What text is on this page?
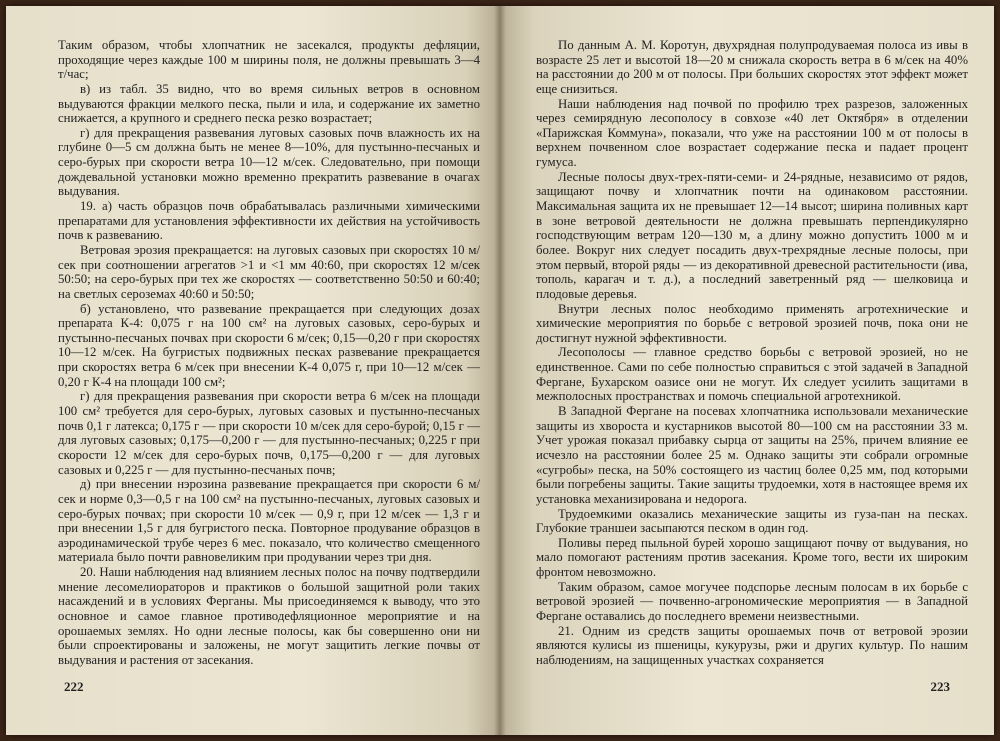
Таким образом, чтобы хлопчатник не засекался, продукты дефляции, проходящие через каждые 100 м ширины поля, не должны превышать 3—4 т/час;

в) из табл. 35 видно, что во время сильных ветров в основном выдуваются фракции мелкого песка, пыли и ила, и содержание их заметно снижается, а крупного и среднего песка резко возрастает;

г) для прекращения развевания луговых сазовых почв влажность их на глубине 0—5 см должна быть не менее 8—10%, для пустынно-песчаных и серо-бурых при скорости ветра 10—12 м/сек. Следовательно, при помощи дождевальной установки можно временно прекратить развевание в очагах выдувания.

19. а) часть образцов почв обрабатывалась различными химическими препаратами для установления эффективности их действия на устойчивость почв к развеванию.

Ветровая эрозия прекращается: на луговых сазовых при скоростях 10 м/сек при соотношении агрегатов >1 и <1 мм 40:60, при скоростях 12 м/сек 50:50; на серо-бурых при тех же скоростях — соответственно 50:50 и 60:40; на светлых сероземах 40:60 и 50:50;

б) установлено, что развевание прекращается при следующих дозах препарата К-4: 0,075 г на 100 см² на луговых сазовых, серо-бурых и пустынно-песчаных почвах при скорости 6 м/сек; 0,15—0,20 г при скоростях 10—12 м/сек. На бугристых подвижных песках развевание прекращается при скоростях ветра 6 м/сек при внесении К-4 0,075 г, при 10—12 м/сек — 0,20 г К-4 на площади 100 см²;

г) для прекращения развевания при скорости ветра 6 м/сек на площади 100 см² требуется для серо-бурых, луговых сазовых и пустынно-песчаных почв 0,1 г латекса; 0,175 г — при скорости 10 м/сек для серо-бурой; 0,15 г — для луговых сазовых; 0,175—0,200 г — для пустынно-песчаных; 0,225 г при скорости 12 м/сек для серо-бурых почв, 0,175—0,200 г — для луговых сазовых и 0,225 г — для пустынно-песчаных почв;

д) при внесении нэрозина развевание прекращается при скорости 6 м/сек и норме 0,3—0,5 г на 100 см² на пустынно-песчаных, луговых сазовых и серо-бурых почвах; при скорости 10 м/сек — 0,9 г, при 12 м/сек — 1,3 г и при внесении 1,5 г для бугристого песка. Повторное продувание образцов в аэродинамической трубе через 6 мес. показало, что количество смещенного материала было почти равновеликим при продувании через три дня.

20. Наши наблюдения над влиянием лесных полос на почву подтвердили мнение лесомелиораторов и практиков о большой защитной роли таких насаждений и в условиях Ферганы. Мы присоединяемся к выводу, что это основное и самое главное противодефляционное мероприятие и на орошаемых землях. Но одни лесные полосы, как бы совершенно они ни были спроектированы и заложены, не могут защитить легкие почвы от выдувания и растения от засекания.

222

По данным А. М. Коротун, двухрядная полупродуваемая полоса из ивы в возрасте 25 лет и высотой 18—20 м снижала скорость ветра в 6 м/сек на 40% на расстоянии до 200 м от полосы. При больших скоростях этот эффект может еще снизиться.

Наши наблюдения над почвой по профилю трех разрезов, заложенных через семирядную лесополосу в совхозе «40 лет Октября» в отделении «Парижская Коммуна», показали, что уже на расстоянии 100 м от полосы в верхнем почвенном слое возрастает содержание песка и падает процент гумуса.

Лесные полосы двух-трех-пяти-семи- и 24-рядные, независимо от рядов, защищают почву и хлопчатник почти на одинаковом расстоянии. Максимальная защита их не превышает 12—14 высот; ширина поливных карт в зоне ветровой деятельности не должна превышать перпендикулярно господствующим ветрам 120—130 м, а длину можно допустить 1000 м и более. Вокруг них следует посадить двух-трехрядные лесные полосы, при этом первый, второй ряды — из декоративной древесной растительности (ива, тополь, карагач и т. д.), а последний заветренный ряд — шелковица и плодовые деревья.

Внутри лесных полос необходимо применять агротехнические и химические мероприятия по борьбе с ветровой эрозией почв, пока они не достигнут нужной эффективности.

Лесополосы — главное средство борьбы с ветровой эрозией, но не единственное. Сами по себе полностью справиться с этой задачей в Западной Фергане, Бухарском оазисе они не могут. Их следует усилить защитами в межполосных пространствах и помочь специальной агротехникой.

В Западной Фергане на посевах хлопчатника использовали механические защиты из хвороста и кустарников высотой 80—100 см на расстоянии 33 м. Учет урожая показал прибавку сырца от защиты на 25%, причем влияние ее исчезло на расстоянии более 25 м. Однако защиты эти собрали огромные «сугробы» песка, на 50% состоящего из частиц более 0,25 мм, под которыми были погребены защиты. Такие защиты трудоемки, хотя в настоящее время их установка механизирована и недорога.

Трудоемкими оказались механические защиты из гуза-пан на песках. Глубокие траншеи засыпаются песком в один год.

Поливы перед пыльной бурей хорошо защищают почву от выдувания, но мало помогают растениям против засекания. Кроме того, вести их широким фронтом невозможно.

Таким образом, самое могучее подспорье лесным полосам в их борьбе с ветровой эрозией — почвенно-агрономические мероприятия — в Западной Фергане оставались до последнего времени неизвестными.

21. Одним из средств защиты орошаемых почв от ветровой эрозии являются кулисы из пшеницы, кукурузы, ржи и других культур. По нашим наблюдениям, на защищенных участках сохраняется

223
